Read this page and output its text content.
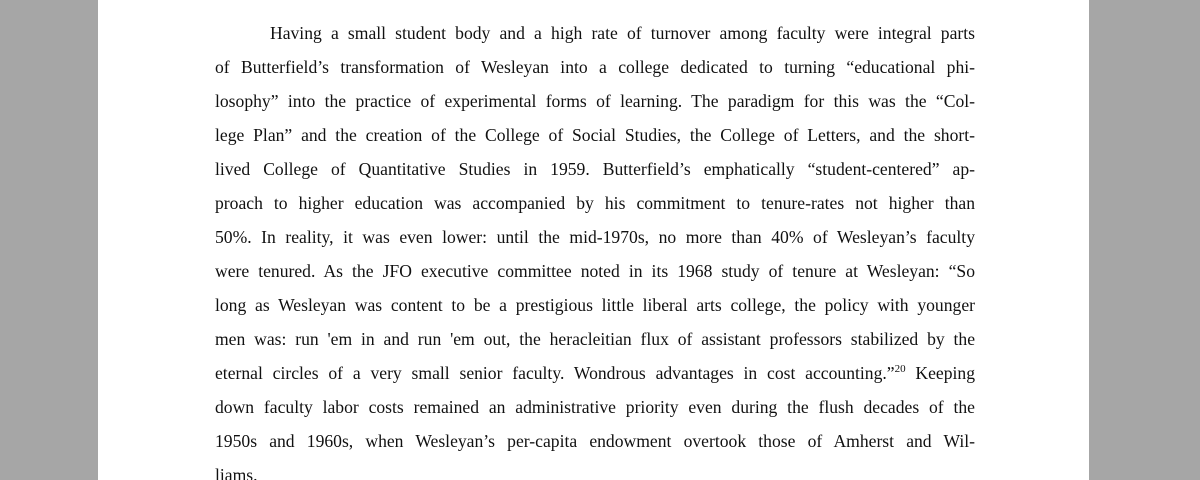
Having a small student body and a high rate of turnover among faculty were integral parts
of Butterfield’s transformation of Wesleyan into a college dedicated to turning “educational phi-
losophy” into the practice of experimental forms of learning. The paradigm for this was the “Col-
lege Plan” and the creation of the College of Social Studies, the College of Letters, and the short-
lived College of Quantitative Studies in 1959. Butterfield’s emphatically “student-centered” ap-
proach to higher education was accompanied by his commitment to tenure-rates not higher than
50%. In reality, it was even lower: until the mid-1970s, no more than 40% of Wesleyan’s faculty
were tenured. As the JFO executive committee noted in its 1968 study of tenure at Wesleyan: “So
long as Wesleyan was content to be a prestigious little liberal arts college, the policy with younger
men was: run 'em in and run 'em out, the heracleitian flux of assistant professors stabilized by the
eternal circles of a very small senior faculty. Wondrous advantages in cost accounting.”$^{20}$ Keeping
down faculty labor costs remained an administrative priority even during the flush decades of the
1950s and 1960s, when Wesleyan’s per-capita endowment overtook those of Amherst and Wil-
liams.
